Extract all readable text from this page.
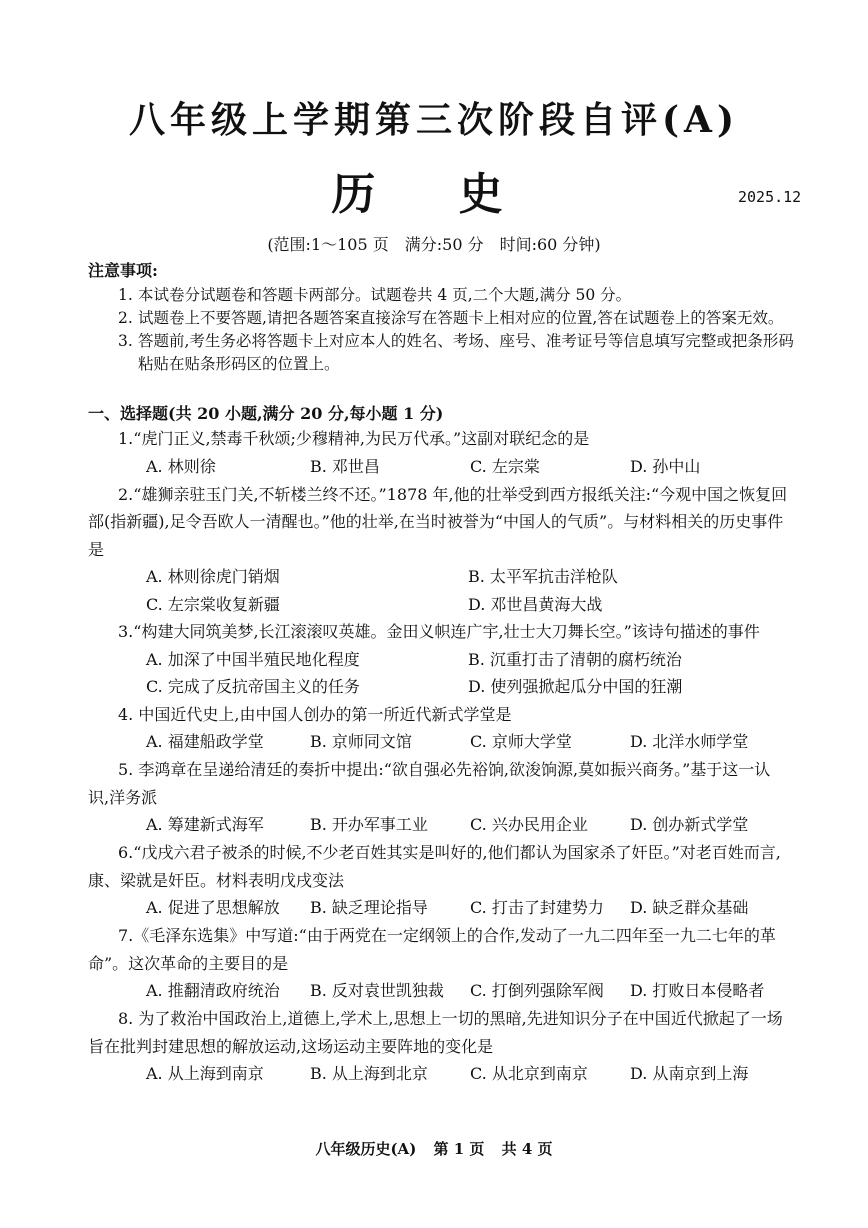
八年级上学期第三次阶段自评(A)
历 史	2025.12
(范围:1～105 页　满分:50 分　时间:60 分钟)
注意事项:

1. 本试卷分试题卷和答题卡两部分。试题卷共 4 页,二个大题,满分 50 分。

2. 试题卷上不要答题,请把各题答案直接涂写在答题卡上相对应的位置,答在试题卷上的答案无效。

3. 答题前,考生务必将答题卡上对应本人的姓名、考场、座号、准考证号等信息填写完整或把条形码粘贴在贴条形码区的位置上。

一、选择题(共 20 小题,满分 20 分,每小题 1 分)

1.“虎门正义,禁毒千秋颂;少穆精神,为民万代承。”这副对联纪念的是

A. 林则徐	B. 邓世昌	C. 左宗棠	D. 孙中山

2.“雄狮亲驻玉门关,不斩楼兰终不还。”1878 年,他的壮举受到西方报纸关注:“今观中国之恢复回部(指新疆),足令吾欧人一清醒也。”他的壮举,在当时被誉为“中国人的气质”。与材料相关的历史事件是

A. 林则徐虎门销烟	B. 太平军抗击洋枪队
C. 左宗棠收复新疆	D. 邓世昌黄海大战

3.“构建大同筑美梦,长江滚滚叹英雄。金田义帜连广宇,壮士大刀舞长空。”该诗句描述的事件

A. 加深了中国半殖民地化程度	B. 沉重打击了清朝的腐朽统治
C. 完成了反抗帝国主义的任务	D. 使列强掀起瓜分中国的狂潮

4. 中国近代史上,由中国人创办的第一所近代新式学堂是

A. 福建船政学堂	B. 京师同文馆	C. 京师大学堂	D. 北洋水师学堂

5. 李鸿章在呈递给清廷的奏折中提出:“欲自强必先裕饷,欲浚饷源,莫如振兴商务。”基于这一认识,洋务派

A. 筹建新式海军	B. 开办军事工业	C. 兴办民用企业	D. 创办新式学堂

6.“戊戌六君子被杀的时候,不少老百姓其实是叫好的,他们都认为国家杀了奸臣。”对老百姓而言,康、梁就是奸臣。材料表明戊戌变法

A. 促进了思想解放	B. 缺乏理论指导	C. 打击了封建势力	D. 缺乏群众基础

7.《毛泽东选集》中写道:“由于两党在一定纲领上的合作,发动了一九二四年至一九二七年的革命”。这次革命的主要目的是

A. 推翻清政府统治	B. 反对袁世凯独裁	C. 打倒列强除军阀	D. 打败日本侵略者

8. 为了救治中国政治上,道德上,学术上,思想上一切的黑暗,先进知识分子在中国近代掀起了一场旨在批判封建思想的解放运动,这场运动主要阵地的变化是

A. 从上海到南京	B. 从上海到北京	C. 从北京到南京	D. 从南京到上海
八年级历史(A) 第 1 页 共 4 页
